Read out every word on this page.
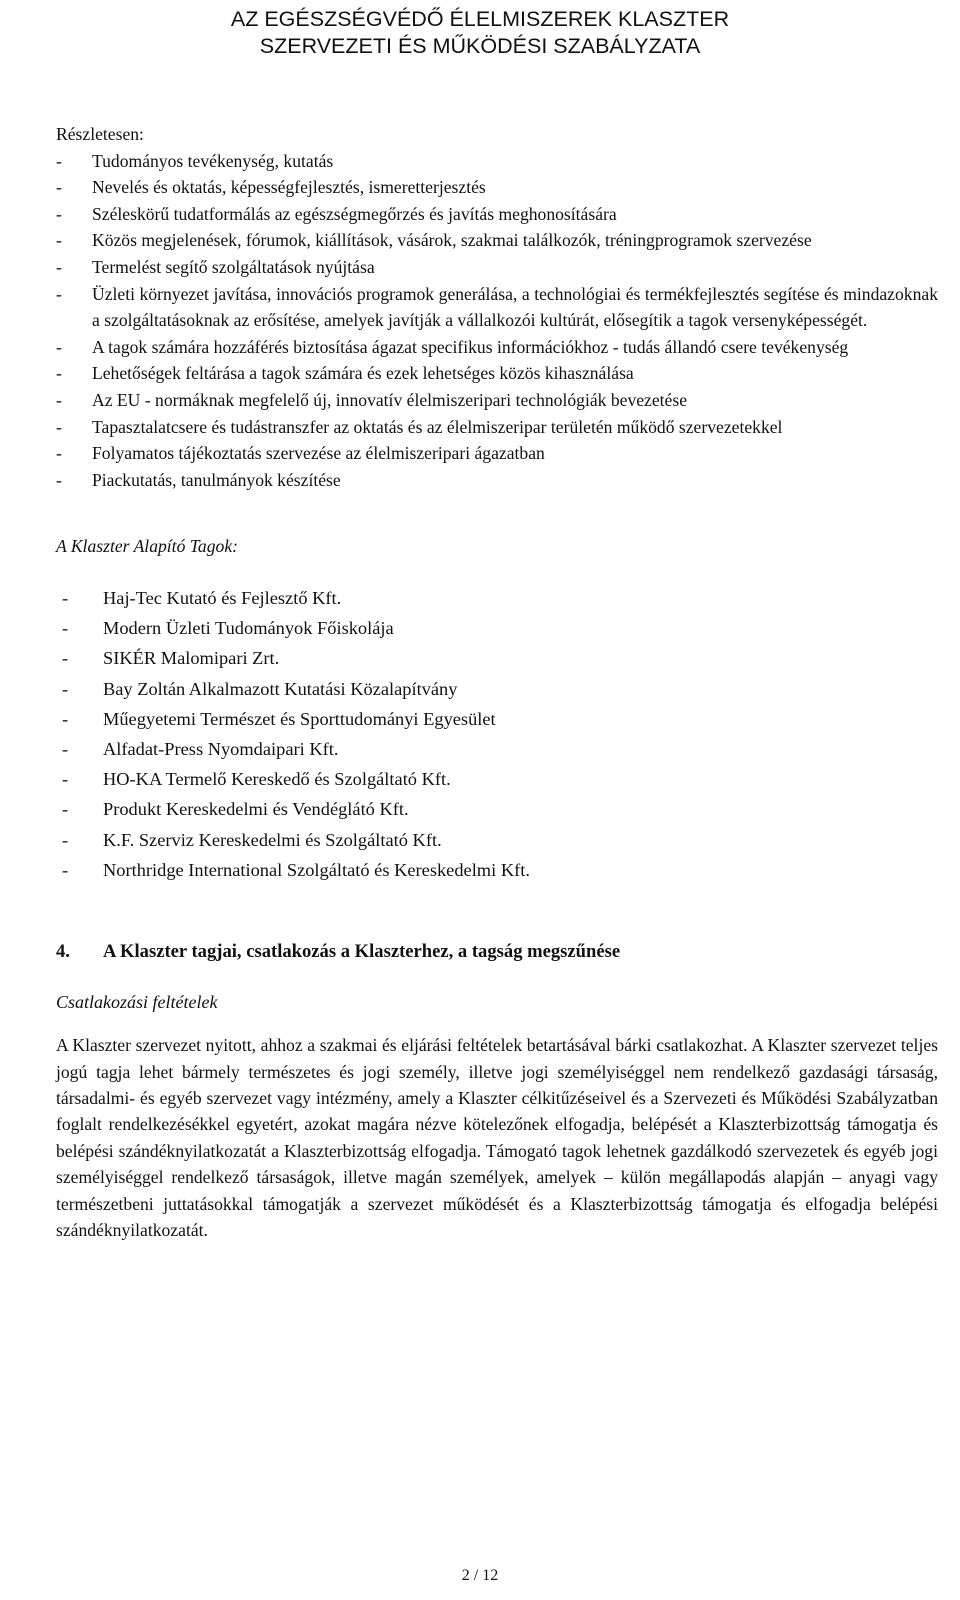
AZ EGÉSZSÉGVÉDŐ ÉLELMISZEREK KLASZTER
SZERVEZETI ÉS MŰKÖDÉSI SZABÁLYZATA
Részletesen:
- Tudományos tevékenység, kutatás
- Nevelés és oktatás, képességfejlesztés, ismeretterjesztés
- Széleskörű tudatformálás az egészségmegőrzés és javítás meghonosítására
- Közös megjelenések, fórumok, kiállítások, vásárok, szakmai találkozók, tréningprogramok szervezése
- Termelést segítő szolgáltatások nyújtása
- Üzleti környezet javítása, innovációs programok generálása, a technológiai és termékfejlesztés segítése és mindazoknak a szolgáltatásoknak az erősítése, amelyek javítják a vállalkozói kultúrát, elősegítik a tagok versenyképességét.
- A tagok számára hozzáférés biztosítása ágazat specifikus információkhoz - tudás állandó csere tevékenység
- Lehetőségek feltárása a tagok számára és ezek lehetséges közös kihasználása
- Az EU - normáknak megfelelő új, innovatív élelmiszeripari technológiák bevezetése
- Tapasztalatcsere és tudástranszfer az oktatás és az élelmiszeripar területén működő szervezetekkel
- Folyamatos tájékoztatás szervezése az élelmiszeripari ágazatban
- Piackutatás, tanulmányok készítése
A Klaszter Alapító Tagok:
- Haj-Tec Kutató és Fejlesztő Kft.
- Modern Üzleti Tudományok Főiskolája
- SIKÉR Malomipari Zrt.
- Bay Zoltán Alkalmazott Kutatási Közalapítvány
- Műegyetemi Természet és Sporttudományi Egyesület
- Alfadat-Press Nyomdaipari Kft.
- HO-KA Termelő Kereskedő és Szolgáltató Kft.
- Produkt Kereskedelmi és Vendéglátó Kft.
- K.F. Szerviz Kereskedelmi és Szolgáltató Kft.
- Northridge International Szolgáltató és Kereskedelmi Kft.
4.	A Klaszter tagjai, csatlakozás a Klaszterhez, a tagság megszűnése
Csatlakozási feltételek
A Klaszter szervezet nyitott, ahhoz a szakmai és eljárási feltételek betartásával bárki csatlakozhat. A Klaszter szervezet teljes jogú tagja lehet bármely természetes és jogi személy, illetve jogi személyiséggel nem rendelkező gazdasági társaság, társadalmi- és egyéb szervezet vagy intézmény, amely a Klaszter célkitűzéseivel és a Szervezeti és Működési Szabályzatban foglalt rendelkezésékkel egyetért, azokat magára nézve kötelezőnek elfogadja, belépését a Klaszterbizottság támogatja és belépési szándéknyilatkozatát a Klaszterbizottság elfogadja. Támogató tagok lehetnek gazdálkodó szervezetek és egyéb jogi személyiséggel rendelkező társaságok, illetve magán személyek, amelyek – külön megállapodás alapján – anyagi vagy természetbeni juttatásokkal támogatják a szervezet működését és a Klaszterbizottság támogatja és elfogadja belépési szándéknyilatkozatát.
2 / 12
